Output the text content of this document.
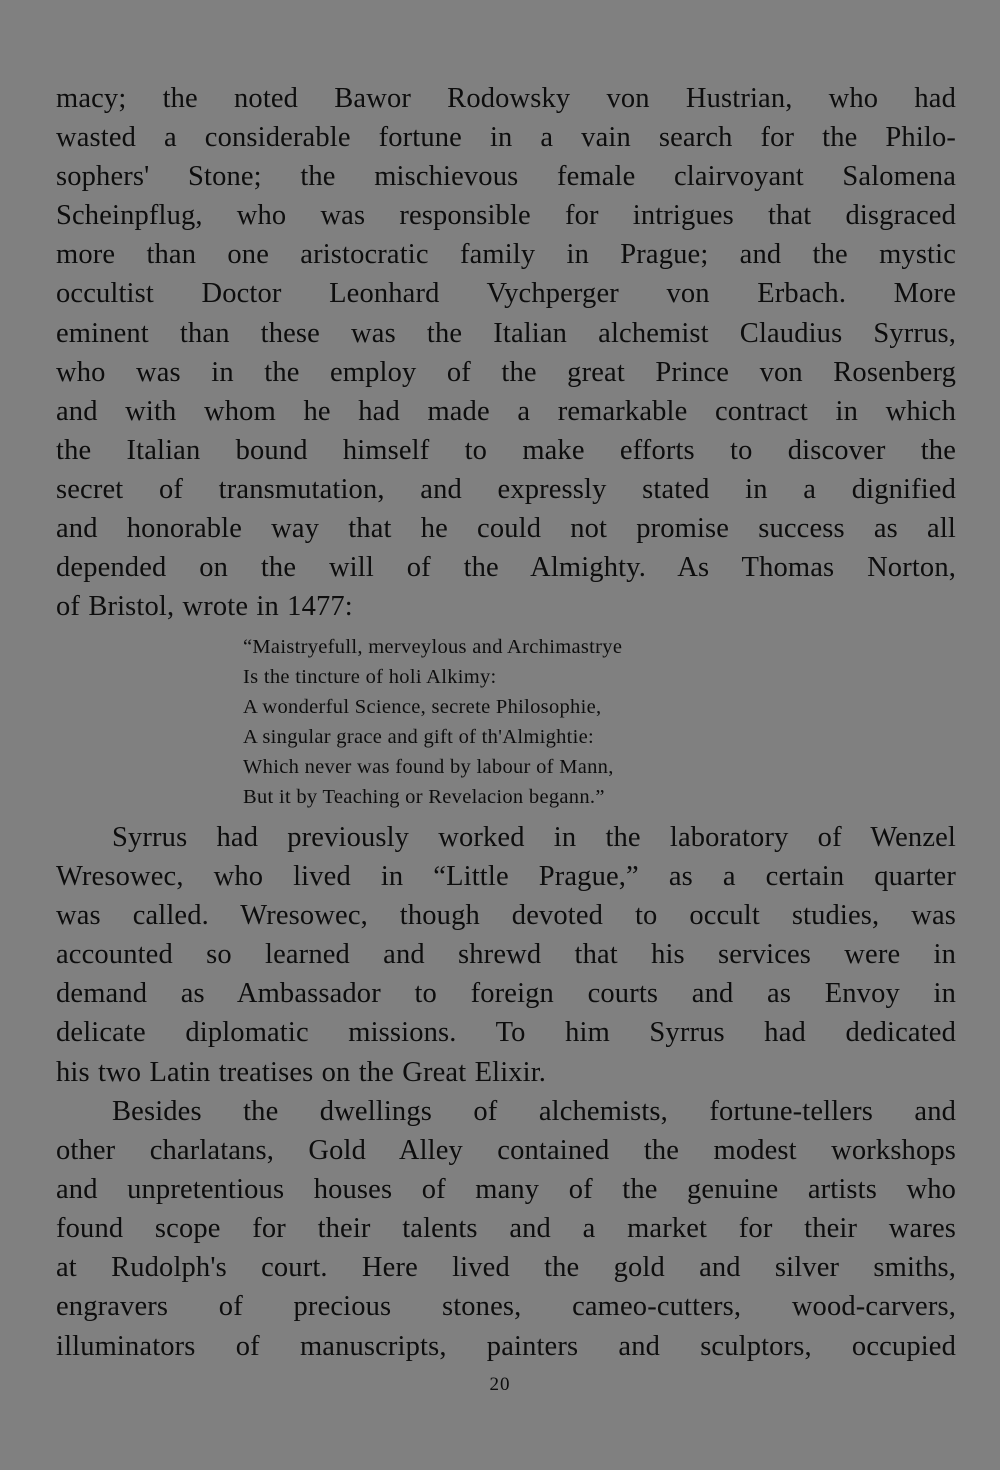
macy; the noted Bawor Rodowsky von Hustrian, who had
wasted a considerable fortune in a vain search for the Philo-
sophers' Stone; the mischievous female clairvoyant Salomena
Scheinpflug, who was responsible for intrigues that disgraced
more than one aristocratic family in Prague; and the mystic
occultist Doctor Leonhard Vychperger von Erbach. More
eminent than these was the Italian alchemist Claudius Syrrus,
who was in the employ of the great Prince von Rosenberg
and with whom he had made a remarkable contract in which
the Italian bound himself to make efforts to discover the
secret of transmutation, and expressly stated in a dignified
and honorable way that he could not promise success as all
depended on the will of the Almighty. As Thomas Norton,
of Bristol, wrote in 1477:

“Maistryefull, merveylous and Archimastrye
Is the tincture of holi Alkimy:
A wonderful Science, secrete Philosophie,
A singular grace and gift of th'Almightie:
Which never was found by labour of Mann,
But it by Teaching or Revelacion begann.”

Syrrus had previously worked in the laboratory of Wenzel
Wresowec, who lived in “Little Prague,” as a certain quarter
was called. Wresowec, though devoted to occult studies, was
accounted so learned and shrewd that his services were in
demand as Ambassador to foreign courts and as Envoy in
delicate diplomatic missions. To him Syrrus had dedicated
his two Latin treatises on the Great Elixir.

Besides the dwellings of alchemists, fortune-tellers and
other charlatans, Gold Alley contained the modest workshops
and unpretentious houses of many of the genuine artists who
found scope for their talents and a market for their wares
at Rudolph's court. Here lived the gold and silver smiths,
engravers of precious stones, cameo-cutters, wood-carvers,
illuminators of manuscripts, painters and sculptors, occupied

20
